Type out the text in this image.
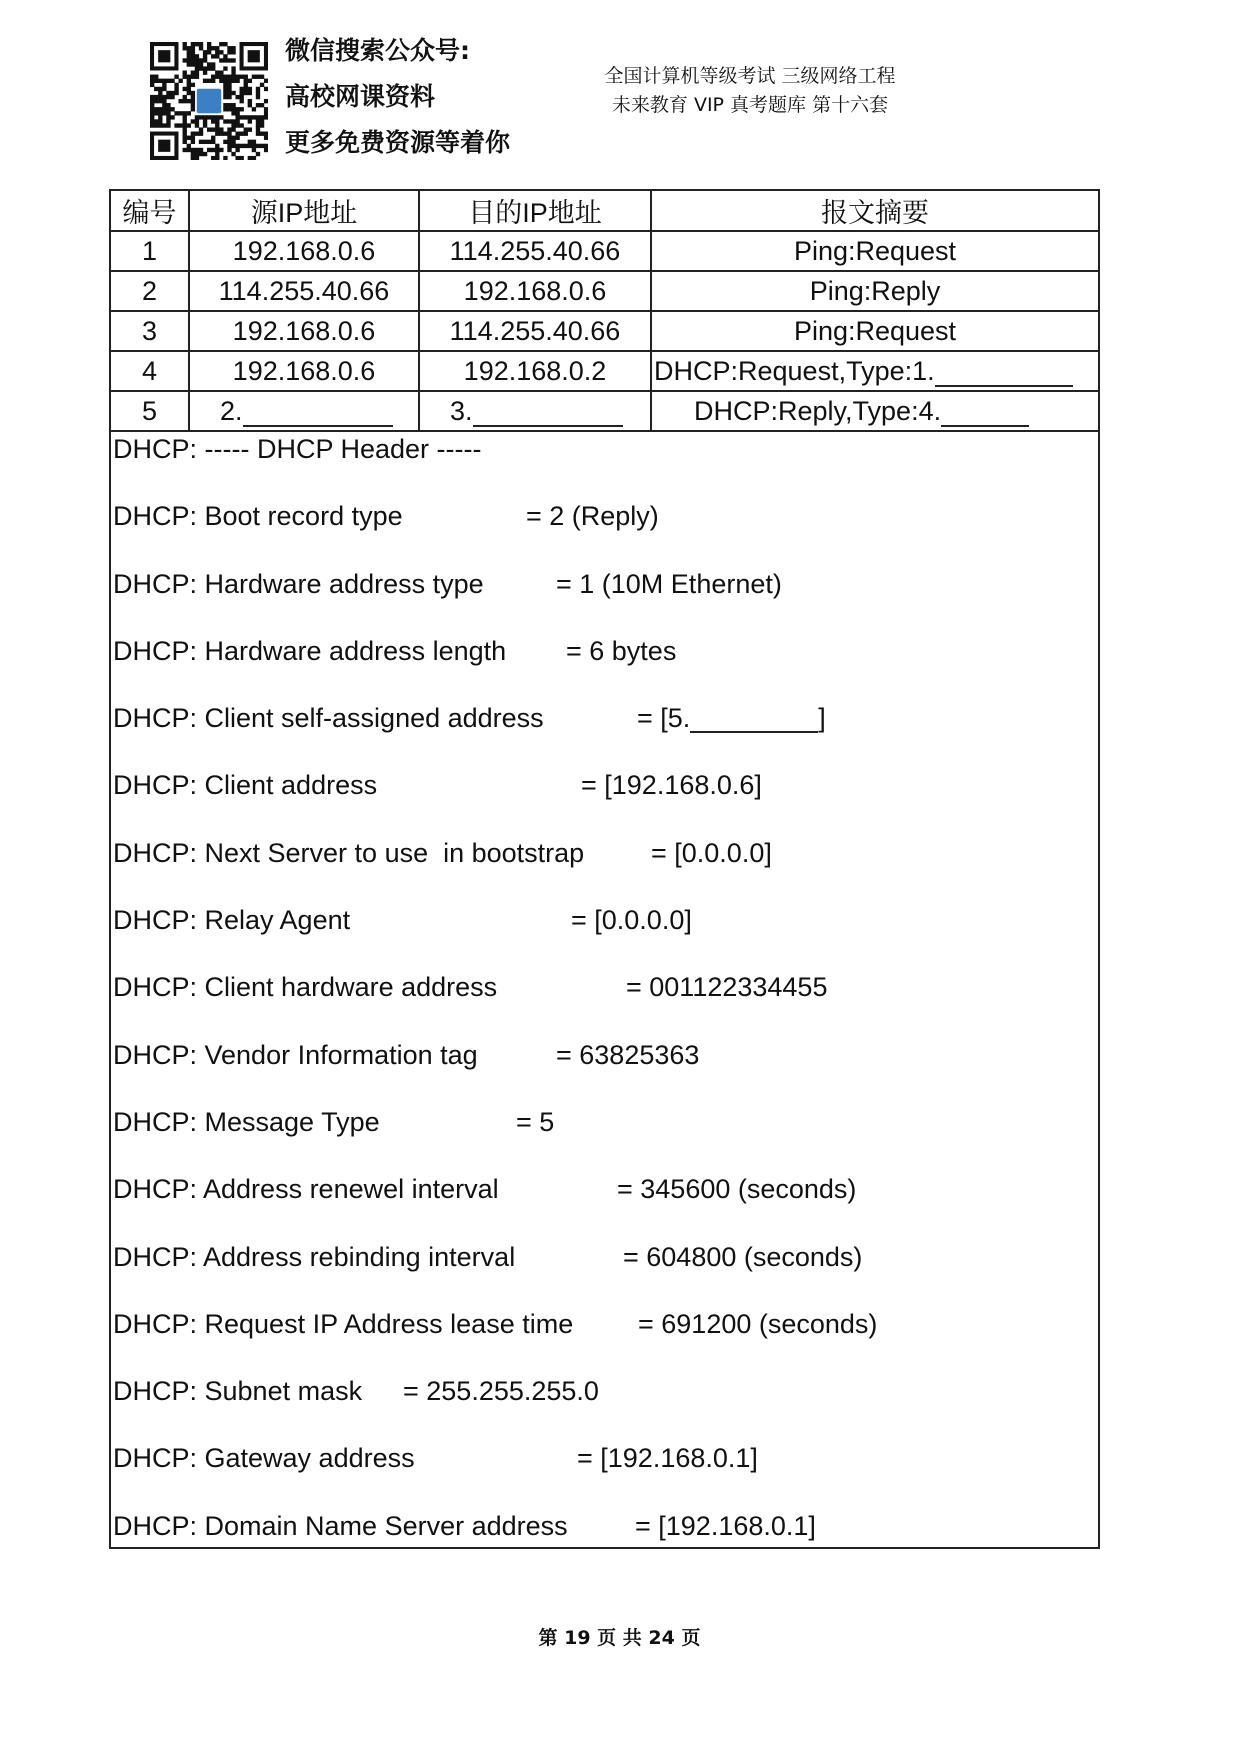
微信搜索公众号:
高校网课资料
更多免费资源等着你
全国计算机等级考试 三级网络工程
未来教育 VIP 真考题库 第十六套
编号	源IP地址	目的IP地址	报文摘要
1	192.168.0.6	114.255.40.66	Ping:Request
2	114.255.40.66	192.168.0.6	Ping:Reply
3	192.168.0.6	114.255.40.66	Ping:Request
4	192.168.0.6	192.168.0.2	DHCP:Request,Type:1.
5	2.	3.	DHCP:Reply,Type:4.
DHCP: ----- DHCP Header -----
DHCP: Boot record type	= 2 (Reply)
DHCP: Hardware address type	= 1 (10M Ethernet)
DHCP: Hardware address length = 6 bytes
DHCP: Client self-assigned address	= [5.	]
DHCP: Client address	= [192.168.0.6]
DHCP: Next Server to use  in bootstrap = [0.0.0.0]
DHCP: Relay Agent	= [0.0.0.0]
DHCP: Client hardware address	= 001122334455
DHCP: Vendor Information tag	= 63825363
DHCP: Message Type	= 5
DHCP: Address renewel interval	= 345600 (seconds)
DHCP: Address rebinding interval	= 604800 (seconds)
DHCP: Request IP Address lease time = 691200 (seconds)
DHCP: Subnet mask = 255.255.255.0
DHCP: Gateway address	= [192.168.0.1]
DHCP: Domain Name Server address = [192.168.0.1]
第 19 页 共 24 页
